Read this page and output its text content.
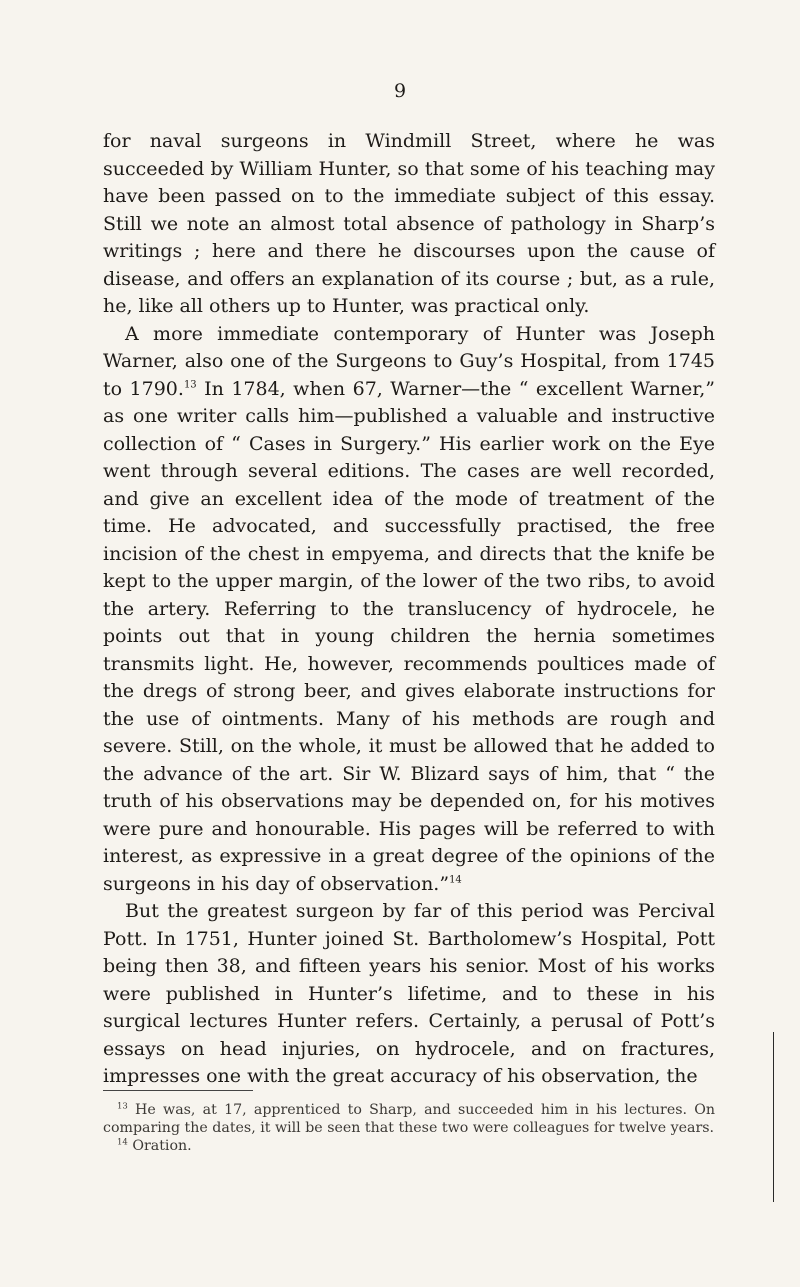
9

for naval surgeons in Windmill Street, where he was succeeded by William Hunter, so that some of his teaching may have been passed on to the immediate subject of this essay. Still we note an almost total absence of pathology in Sharp’s writings ; here and there he discourses upon the cause of disease, and offers an explanation of its course ; but, as a rule, he, like all others up to Hunter, was practical only.

A more immediate contemporary of Hunter was Joseph Warner, also one of the Surgeons to Guy’s Hospital, from 1745 to 1790.13 In 1784, when 67, Warner—the “ excellent Warner,” as one writer calls him—published a valuable and instructive collection of “ Cases in Surgery.” His earlier work on the Eye went through several editions. The cases are well recorded, and give an excellent idea of the mode of treatment of the time. He advocated, and successfully practised, the free incision of the chest in empyema, and directs that the knife be kept to the upper margin, of the lower of the two ribs, to avoid the artery. Referring to the translucency of hydrocele, he points out that in young children the hernia sometimes transmits light. He, however, recommends poultices made of the dregs of strong beer, and gives elaborate instructions for the use of ointments. Many of his methods are rough and severe. Still, on the whole, it must be allowed that he added to the advance of the art. Sir W. Blizard says of him, that “ the truth of his observations may be depended on, for his motives were pure and honourable. His pages will be referred to with interest, as expressive in a great degree of the opinions of the surgeons in his day of observation.”$^{14}$

But the greatest surgeon by far of this period was Percival Pott. In 1751, Hunter joined St. Bartholomew’s Hospital, Pott being then 38, and fifteen years his senior. Most of his works were published in Hunter’s lifetime, and to these in his surgical lectures Hunter refers. Certainly, a perusal of Pott’s essays on head injuries, on hydrocele, and on fractures, impresses one with the great accuracy of his observation, the

$^{13}$ He was, at 17, apprenticed to Sharp, and succeeded him in his lectures. On comparing the dates, it will be seen that these two were colleagues for twelve years.

$^{14}$ Oration.
